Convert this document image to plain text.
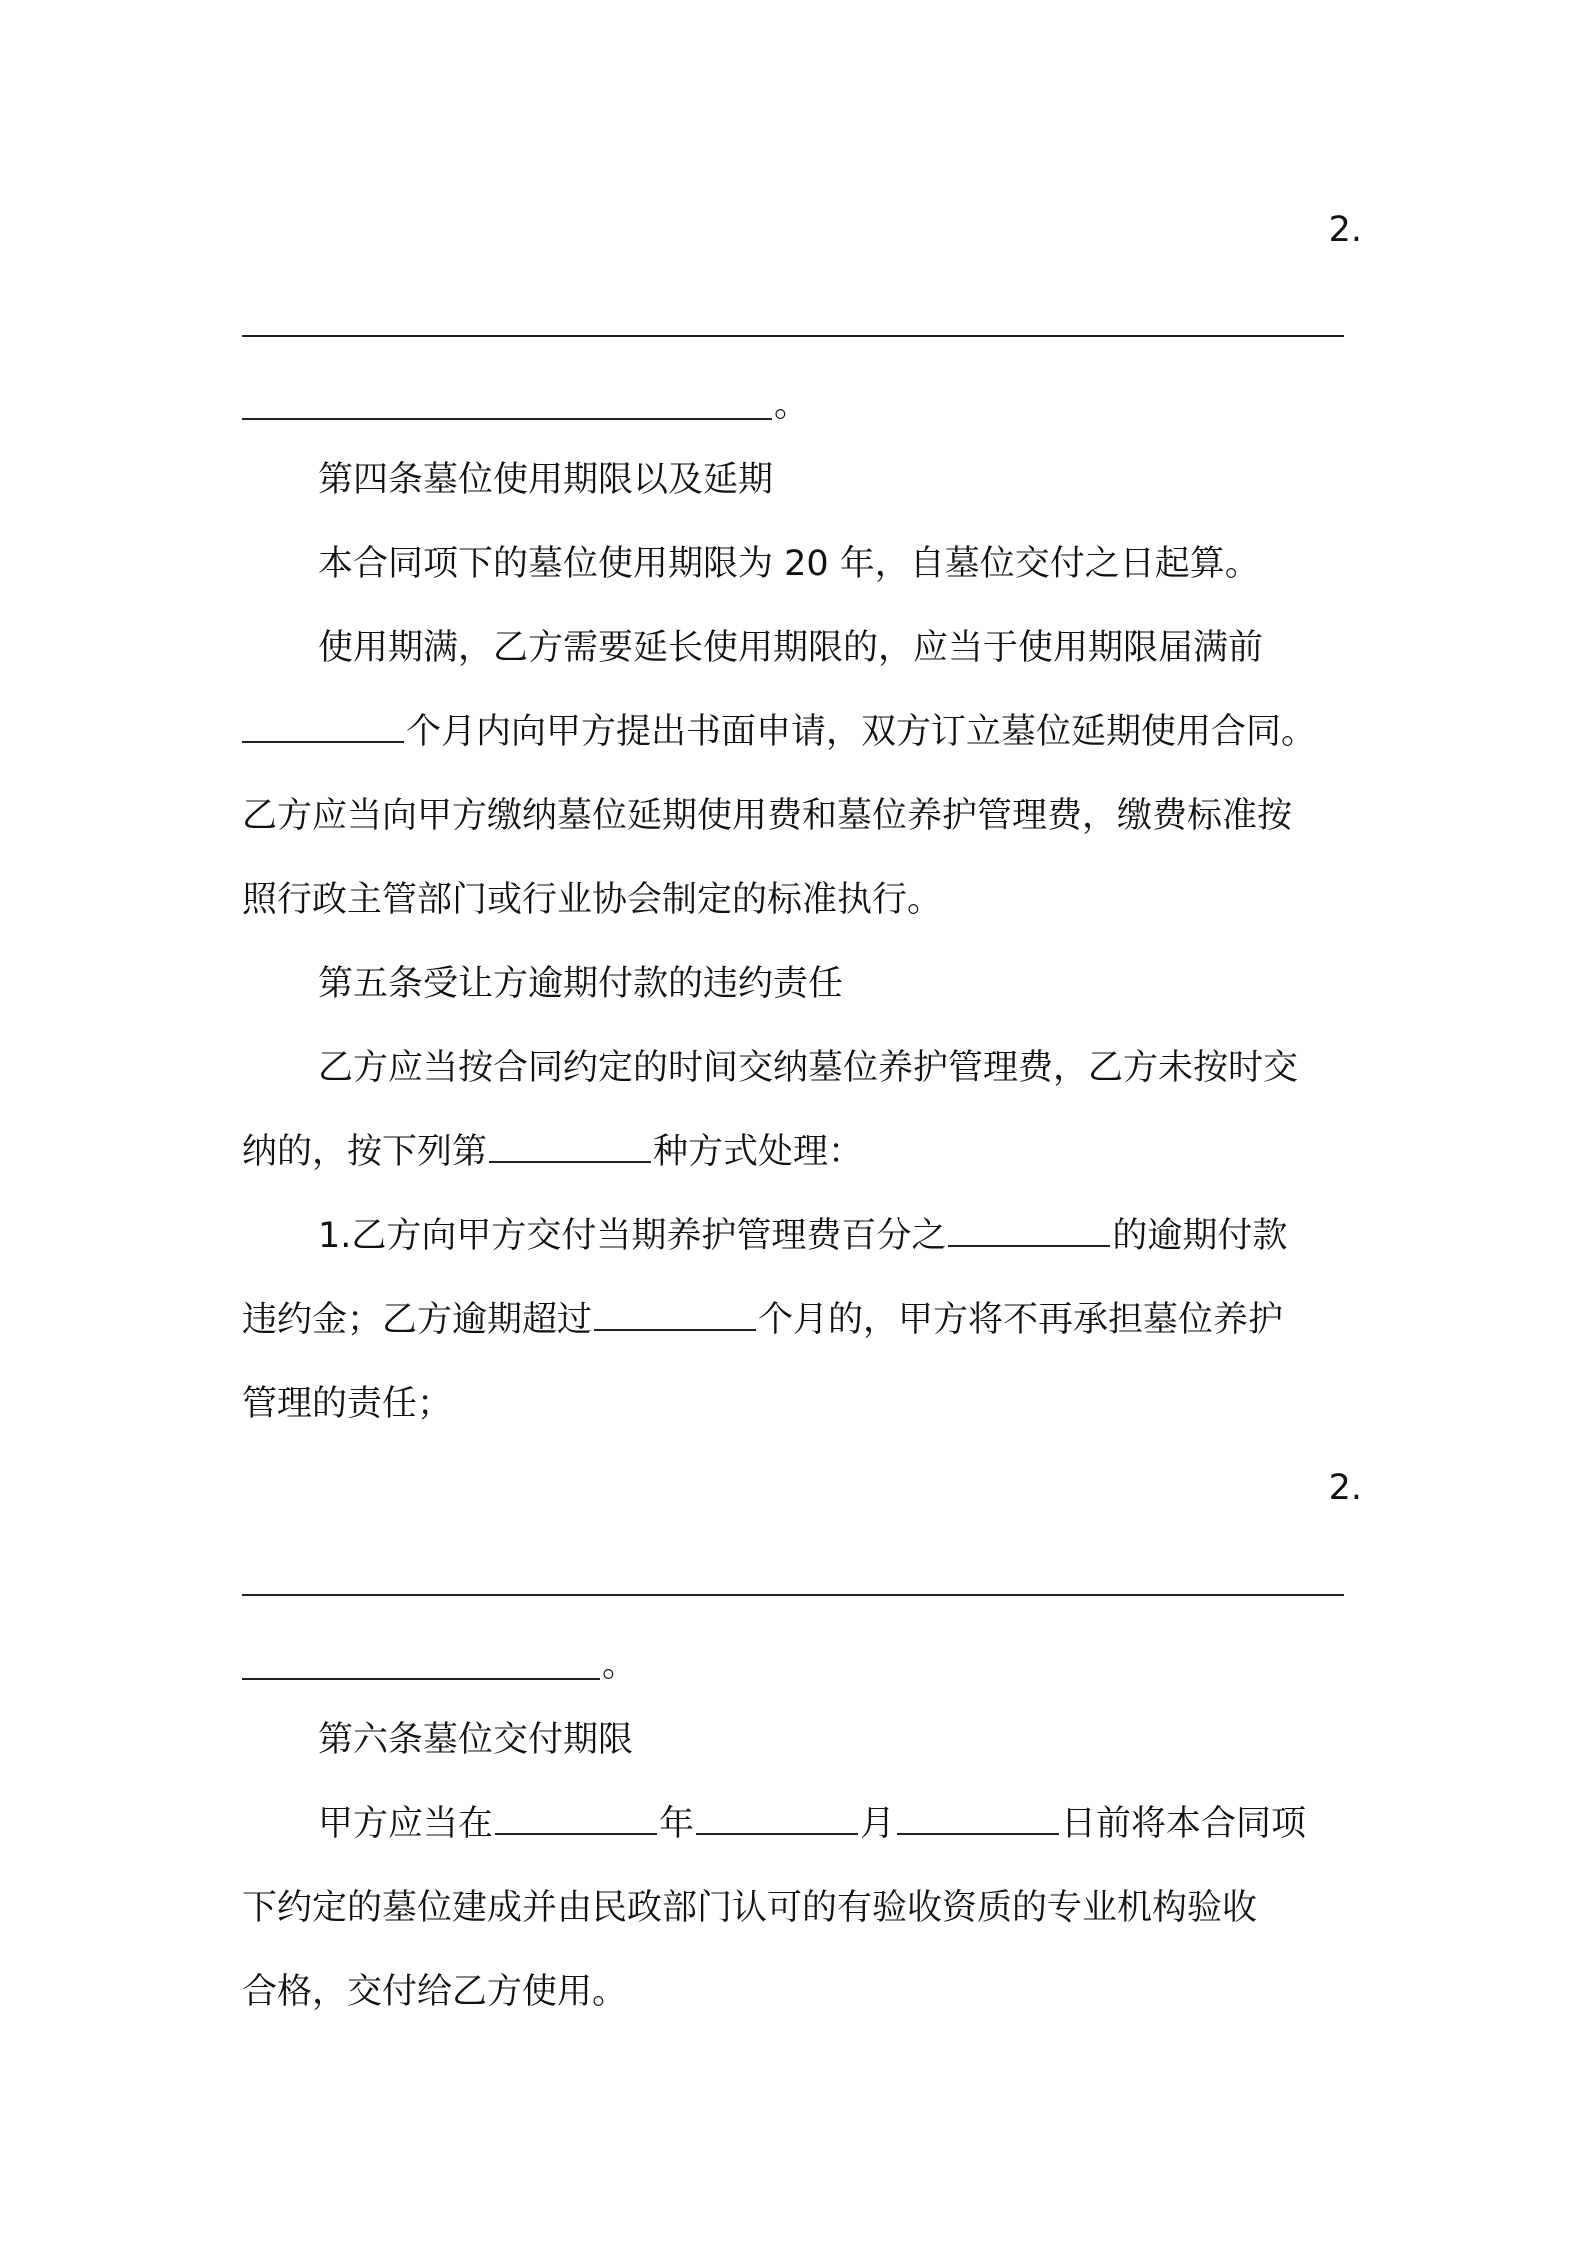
2.
。
第四条墓位使用期限以及延期
本合同项下的墓位使用期限为 20 年，自墓位交付之日起算。
使用期满，乙方需要延长使用期限的，应当于使用期限届满前
个月内向甲方提出书面申请，双方订立墓位延期使用合同。
乙方应当向甲方缴纳墓位延期使用费和墓位养护管理费，缴费标准按
照行政主管部门或行业协会制定的标准执行。
第五条受让方逾期付款的违约责任
乙方应当按合同约定的时间交纳墓位养护管理费，乙方未按时交
纳的，按下列第	种方式处理：
1.乙方向甲方交付当期养护管理费百分之	的逾期付款
违约金；乙方逾期超过	个月的，甲方将不再承担墓位养护
管理的责任；
2.
。
第六条墓位交付期限
甲方应当在	年	月	日前将本合同项
下约定的墓位建成并由民政部门认可的有验收资质的专业机构验收
合格，交付给乙方使用。
